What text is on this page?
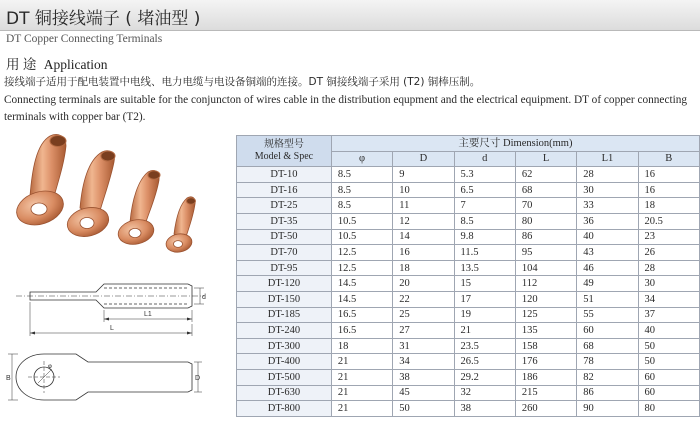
DT 铜接线端子 ( 堵油型 )
DT Copper Connecting Terminals
用 途 Application
接线端子适用于配电装置中电线、电力电缆与电设备铜端的连接。DT 铜接线端子采用 (T2) 铜棒压制。
Connecting terminals are suitable for the conjuncton of wires cable in the distribution equpment and the electrical equipment. DT of copper connecting terminals with copper bar (T2).
d
L1
L
B	D
φ
规格型号
Model & Spec	主要尺寸 Dimension(mm)					
	φ	D	d	L	L1	B
DT-10	8.5	9	5.3	62	28	16
DT-16	8.5	10	6.5	68	30	16
DT-25	8.5	11	7	70	33	18
DT-35	10.5	12	8.5	80	36	20.5
DT-50	10.5	14	9.8	86	40	23
DT-70	12.5	16	11.5	95	43	26
DT-95	12.5	18	13.5	104	46	28
DT-120	14.5	20	15	112	49	30
DT-150	14.5	22	17	120	51	34
DT-185	16.5	25	19	125	55	37
DT-240	16.5	27	21	135	60	40
DT-300	18	31	23.5	158	68	50
DT-400	21	34	26.5	176	78	50
DT-500	21	38	29.2	186	82	60
DT-630	21	45	32	215	86	60
DT-800	21	50	38	260	90	80
